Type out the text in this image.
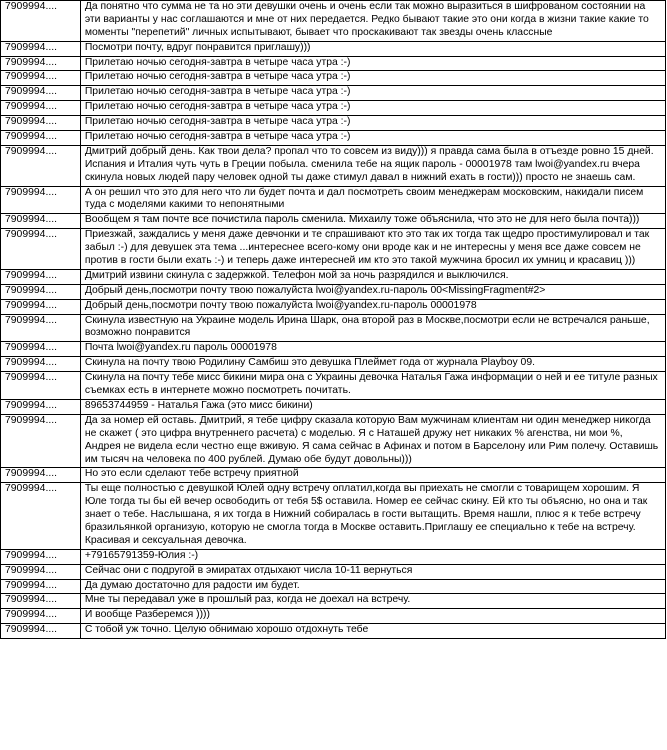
7909994....	Да понятно что сумма не та но эти девушки очень и очень если так можно выразиться в шифрованом состоянии на эти варианты у нас соглашаются и мне от них передается. Редко бывают такие это они когда в жизни такие какие то моменты "перепетий" личных испытывают, бывает что проскакивают так звезды очень классные
7909994....	Посмотри почту, вдруг понравится приглашу)))
7909994....	Прилетаю ночью сегодня-завтра в четыре часа утра :-)
7909994....	Прилетаю ночью сегодня-завтра в четыре часа утра :-)
7909994....	Прилетаю ночью сегодня-завтра в четыре часа утра :-)
7909994....	Прилетаю ночью сегодня-завтра в четыре часа утра :-)
7909994....	Прилетаю ночью сегодня-завтра в четыре часа утра :-)
7909994....	Прилетаю ночью сегодня-завтра в четыре часа утра :-)
7909994....	Дмитрий добрый день. Как твои дела? пропал что то совсем из виду))) я правда сама была в отъезде ровно 15 дней. Испания и Италия чуть чуть в Греции побыла. сменила тебе на ящик пароль - 00001978 там lwoi@yandex.ru вчера скинула новых людей пару человек одной ты даже стимул давал в нижний ехать в гости))) просто не знаешь сам.
7909994....	А он решил что это для него что ли будет почта и дал посмотреть своим менеджерам московским, накидали писем туда с моделями какими то непонятными
7909994....	Вообщем я там почте все почистила пароль сменила. Михаилу тоже объяснила, что это не для него была почта)))
7909994....	Приезжай, заждались у меня даже девчонки и те спрашивают кто это так их тогда так щедро простимулировал и так забыл :-) для девушек эта тема ...интереснее всего-кому они вроде как и не интересны у меня все даже совсем не против в гости были ехать :-) и теперь даже интересней им кто это такой мужчина бросил их умниц и красавиц )))
7909994....	Дмитрий извини скинула с задержкой. Телефон мой за ночь разрядился и выключился.
7909994....	Добрый день,посмотри почту твою пожалуйста lwoi@yandex.ru-пароль 00<MissingFragment#2>
7909994....	Добрый день,посмотри почту твою пожалуйста lwoi@yandex.ru-пароль 00001978
7909994....	Скинула известную на Украине модель Ирина Шарк, она второй раз в Москве,посмотри если не встречался раньше, возможно понравится
7909994....	Почта lwoi@yandex.ru пароль 00001978
7909994....	Скинула на почту твою Родилину Самбиш это девушка Плеймет года от журнала Playboy 09.
7909994....	Скинула на почту тебе мисс бикини мира она с Украины девочка Наталья Гажа информации о ней и ее титуле разных съемках есть в интернете можно посмотреть почитать.
7909994....	89653744959 - Наталья Гажа (это мисс бикини)
7909994....	Да за номер ей оставь. Дмитрий, я тебе цифру сказала которую Вам мужчинам клиентам ни один менеджер никогда не скажет ( это цифра внутреннего расчета) с моделью. Я с Наташей дружу нет никаких % агенства, ни мои %, Андрея не видела если честно еще вживую. Я сама сейчас в Афинах и потом в Барселону или Рим полечу. Оставишь им тысяч на человека по 400 рублей. Думаю обе будут довольны)))
7909994....	Но это если сделают тебе встречу приятной
7909994....	Ты еще полностью с девушкой Юлей одну встречу оплатил,когда вы приехать не смогли с товарищем хорошим. Я Юле тогда ты бы ей вечер освободить от тебя 5$ оставила. Номер ее сейчас скину. Ей кто ты объясню, но она и так знает о тебе. Наслышана, я их тогда в Нижний собиралась в гости вытащить. Время нашли, плюс я к тебе встречу бразильянкой организую, которую не смогла тогда в Москве оставить.Приглашу ее специально к тебе на встречу. Красивая и сексуальная девочка.
7909994....	+79165791359-Юлия :-)
7909994....	Сейчас они с подругой в эмиратах отдыхают числа 10-11 вернуться
7909994....	Да думаю достаточно для радости им будет.
7909994....	Мне ты передавал уже в прошлый раз, когда не доехал на встречу.
7909994....	И вообще Разберемся ))))
7909994....	С тобой уж точно. Целую обнимаю хорошо отдохнуть тебе
